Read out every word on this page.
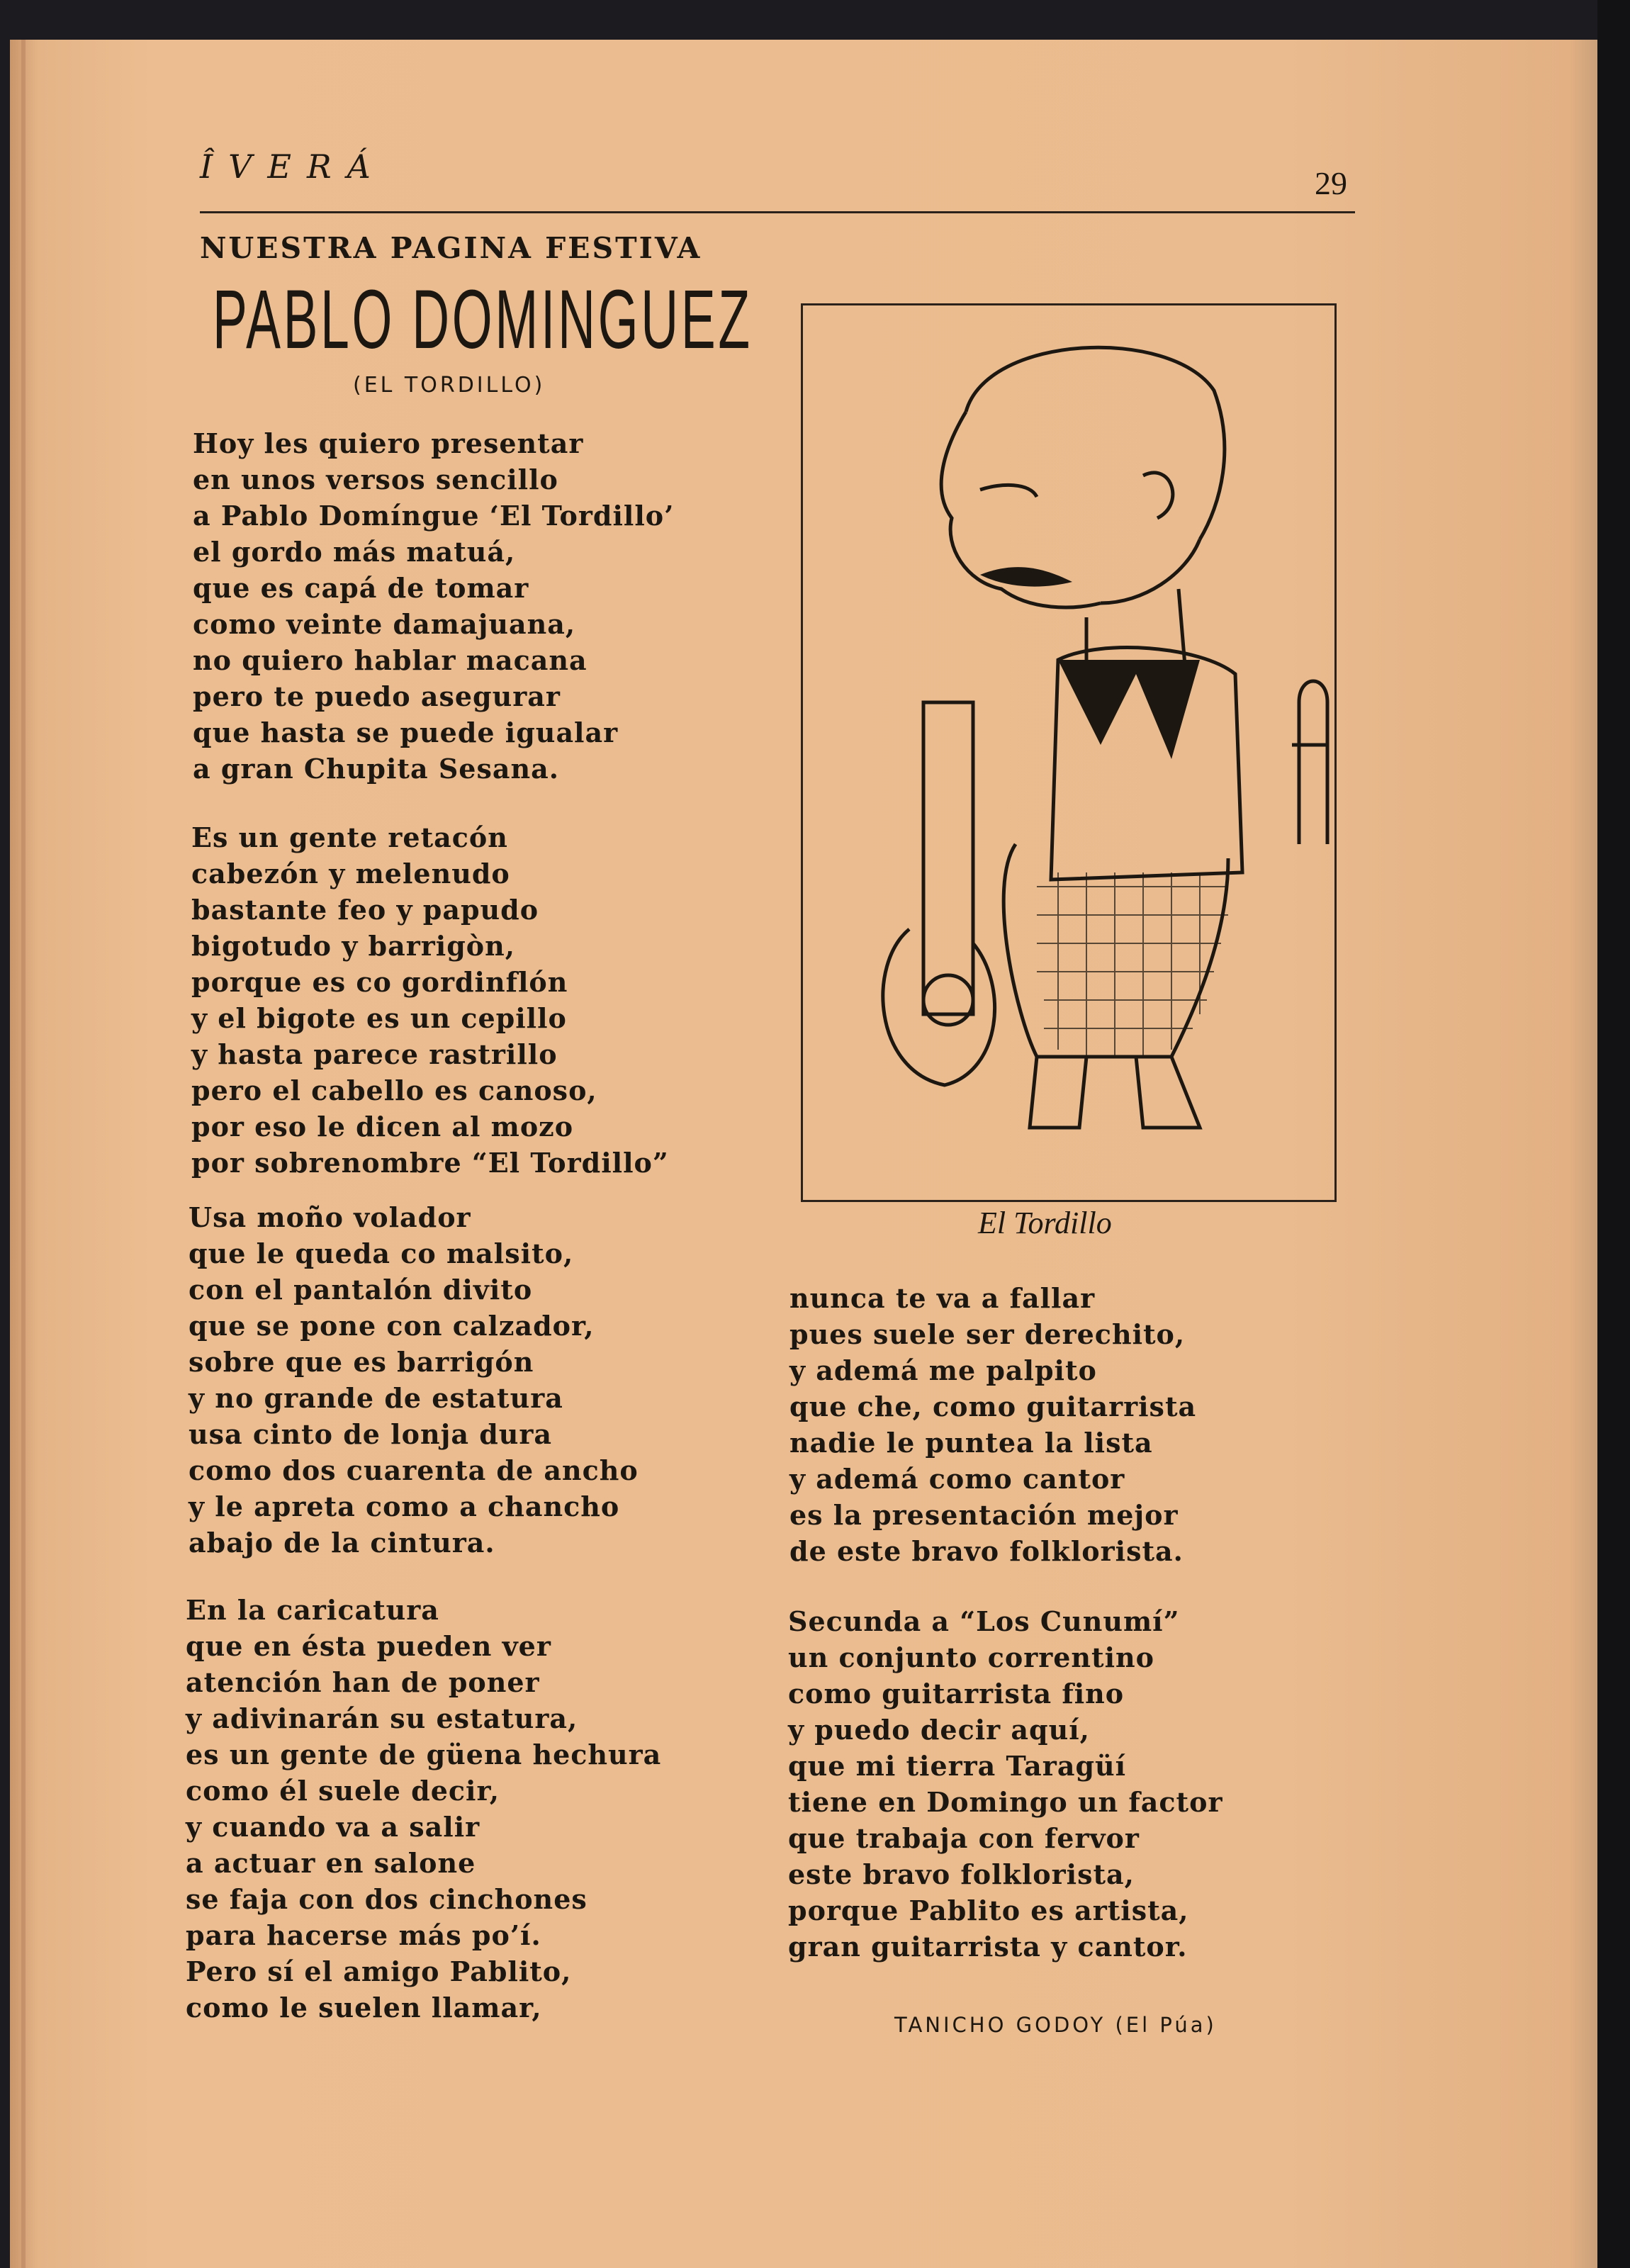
ÎVERÁ	29
NUESTRA PAGINA FESTIVA
PABLO DOMINGUEZ
(EL TORDILLO)
Hoy les quiero presentar
en unos versos sencillo
a Pablo Domíngue ‘El Tordillo’
el gordo más matuá,
que es capá de tomar
como veinte damajuana,
no quiero hablar macana
pero te puedo asegurar
que hasta se puede igualar
a gran Chupita Sesana.
Es un gente retacón
cabezón y melenudo
bastante feo y papudo
bigotudo y barrigòn,
porque es co gordinflón
y el bigote es un cepillo
y hasta parece rastrillo
pero el cabello es canoso,
por eso le dicen al mozo
por sobrenombre “El Tordillo”
Usa moño volador
que le queda co malsito,
con el pantalón divito
que se pone con calzador,
sobre que es barrigón
y no grande de estatura
usa cinto de lonja dura
como dos cuarenta de ancho
y le apreta como a chancho
abajo de la cintura.
En la caricatura
que en ésta pueden ver
atención han de poner
y adivinarán su estatura,
es un gente de güena hechura
como él suele decir,
y cuando va a salir
a actuar en salone
se faja con dos cinchones
para hacerse más po’í.
Pero sí el amigo Pablito,
como le suelen llamar,
El Tordillo
nunca te va a fallar
pues suele ser derechito,
y ademá me palpito
que che, como guitarrista
nadie le puntea la lista
y ademá como cantor
es la presentación mejor
de este bravo folklorista.
Secunda a “Los Cunumí”
un conjunto correntino
como guitarrista fino
y puedo decir aquí,
que mi tierra Taragüí
tiene en Domingo un factor
que trabaja con fervor
este bravo folklorista,
porque Pablito es artista,
gran guitarrista y cantor.
TANICHO GODOY (El Púa)
